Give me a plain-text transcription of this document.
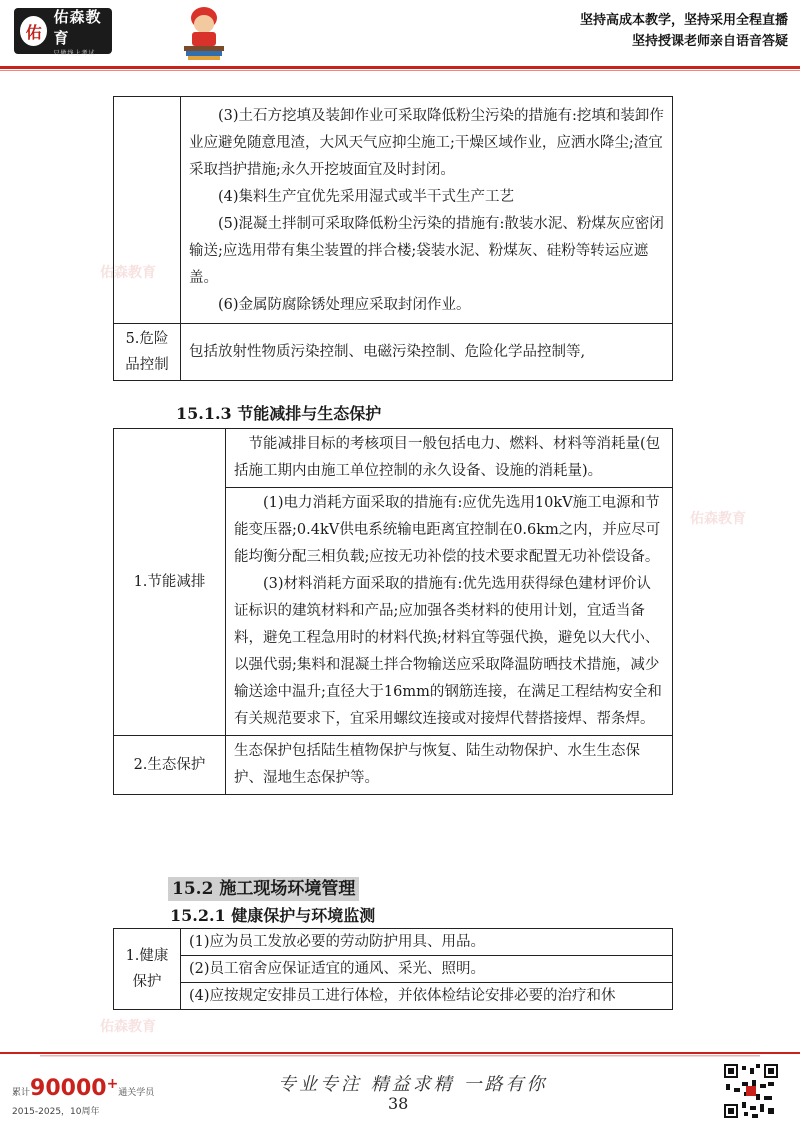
佑
佑森教育
只做线上考试
坚持高成本教学，坚持采用全程直播
坚持授课老师亲自语音答疑
佑森教育
佑森教育
佑森教育

	(3)土石方挖填及装卸作业可采取降低粉尘污染的措施有:挖填和装卸作业应避免随意甩渣，大风天气应抑尘施工;干燥区域作业，应洒水降尘;渣宜采取挡护措施;永久开挖坡面宜及时封闭。

(4)集料生产宜优先采用湿式或半干式生产工艺

(5)混凝土拌制可采取降低粉尘污染的措施有:散装水泥、粉煤灰应密闭输送;应选用带有集尘装置的拌合楼;袋装水泥、粉煤灰、硅粉等转运应遮盖。

(6)金属防腐除锈处理应采取封闭作业。

5.危险品控制	包括放射性物质污染控制、电磁污染控制、危险化学品控制等,
15.1.3 节能减排与生态保护
1.节能减排	节能减排目标的考核项目一般包括电力、燃料、材料等消耗量(包括施工期内由施工单位控制的永久设备、设施的消耗量)。

	(1)电力消耗方面采取的措施有:应优先选用10kV施工电源和节能变压器;0.4kV供电系统输电距离宜控制在0.6km之内，并应尽可能均衡分配三相负载;应按无功补偿的技术要求配置无功补偿设备。

(3)材料消耗方面采取的措施有:优先选用获得绿色建材评价认证标识的建筑材料和产品;应加强各类材料的使用计划，宜适当备料，避免工程急用时的材料代换;材料宜等强代换，避免以大代小、以强代弱;集料和混凝土拌合物输送应采取降温防晒技术措施，减少输送途中温升;直径大于16mm的钢筋连接，在满足工程结构安全和有关规范要求下，宜采用螺纹连接或对接焊代替搭接焊、帮条焊。

2.生态保护	生态保护包括陆生植物保护与恢复、陆生动物保护、水生生态保护、湿地生态保护等。
15.2 施工现场环境管理
15.2.1 健康保护与环境监测
1.健康保护	(1)应为员工发放必要的劳动防护用具、用品。
(2)员工宿舍应保证适宜的通风、采光、照明。
(4)应按规定安排员工进行体检，并依体检结论安排必要的治疗和休
累计90000+通关学员
2015-2025，10周年
专业专注 精益求精 一路有你
38
